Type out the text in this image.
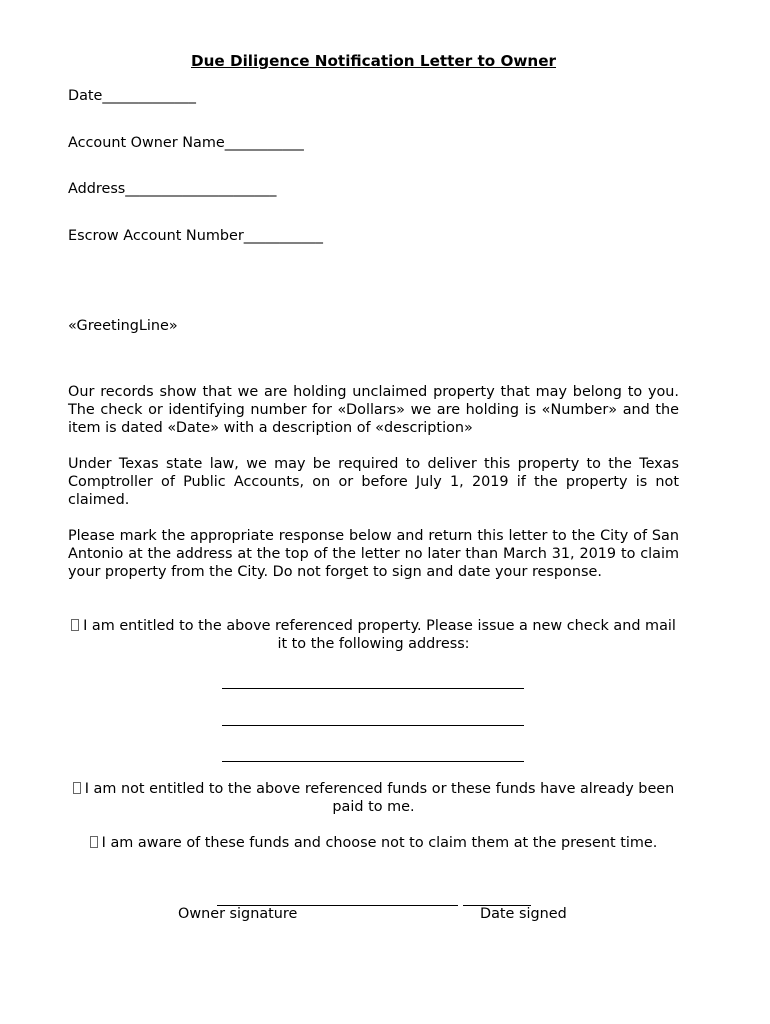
Due Diligence Notification Letter to Owner
Date_____________
Account Owner Name___________
Address_____________________
Escrow Account Number___________
«GreetingLine»
Our records show that we are holding unclaimed property that may belong to you. The check or identifying number for «Dollars» we are holding is «Number» and the item is dated «Date» with a description of «description»
Under Texas state law, we may be required to deliver this property to the Texas Comptroller of Public Accounts, on or before July 1, 2019 if the property is not claimed.
Please mark the appropriate response below and return this letter to the City of San Antonio at the address at the top of the letter no later than March 31, 2019 to claim your property from the City. Do not forget to sign and date your response.
I am entitled to the above referenced property. Please issue a new check and mail it to the following address:
I am not entitled to the above referenced funds or these funds have already been paid to me.
I am aware of these funds and choose not to claim them at the present time.
Owner signature	Date signed
